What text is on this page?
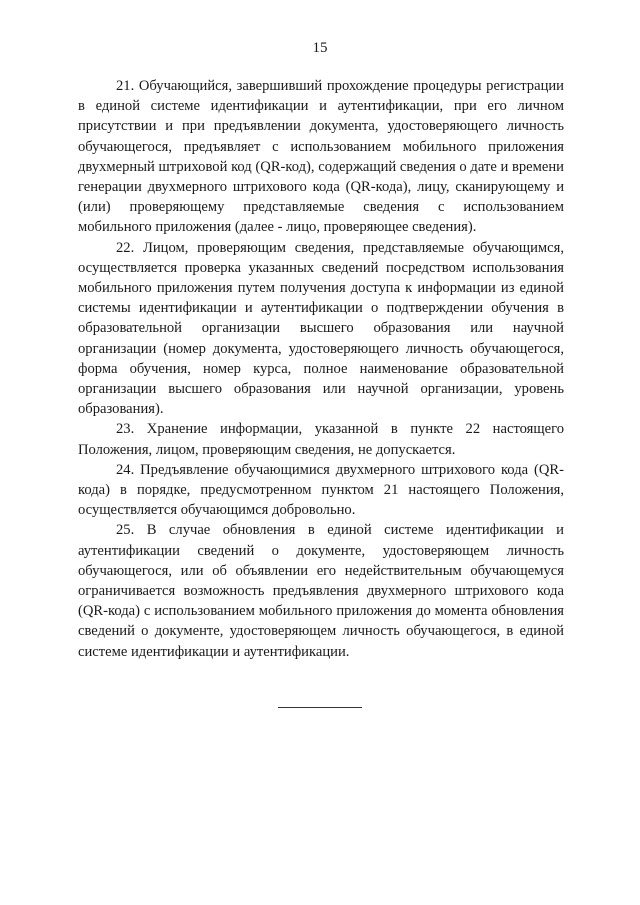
15

21. Обучающийся, завершивший прохождение процедуры регистрации в единой системе идентификации и аутентификации, при его личном присутствии и при предъявлении документа, удостоверяющего личность обучающегося, предъявляет с использованием мобильного приложения двухмерный штриховой код (QR-код), содержащий сведения о дате и времени генерации двухмерного штрихового кода (QR-кода), лицу, сканирующему и (или) проверяющему представляемые сведения с использованием мобильного приложения (далее - лицо, проверяющее сведения).

22. Лицом, проверяющим сведения, представляемые обучающимся, осуществляется проверка указанных сведений посредством использования мобильного приложения путем получения доступа к информации из единой системы идентификации и аутентификации о подтверждении обучения в образовательной организации высшего образования или научной организации (номер документа, удостоверяющего личность обучающегося, форма обучения, номер курса, полное наименование образовательной организации высшего образования или научной организации, уровень образования).

23. Хранение информации, указанной в пункте 22 настоящего Положения, лицом, проверяющим сведения, не допускается.

24. Предъявление обучающимися двухмерного штрихового кода (QR-кода) в порядке, предусмотренном пунктом 21 настоящего Положения, осуществляется обучающимся добровольно.

25. В случае обновления в единой системе идентификации и аутентификации сведений о документе, удостоверяющем личность обучающегося, или об объявлении его недействительным обучающемуся ограничивается возможность предъявления двухмерного штрихового кода (QR-кода) с использованием мобильного приложения до момента обновления сведений о документе, удостоверяющем личность обучающегося, в единой системе идентификации и аутентификации.
